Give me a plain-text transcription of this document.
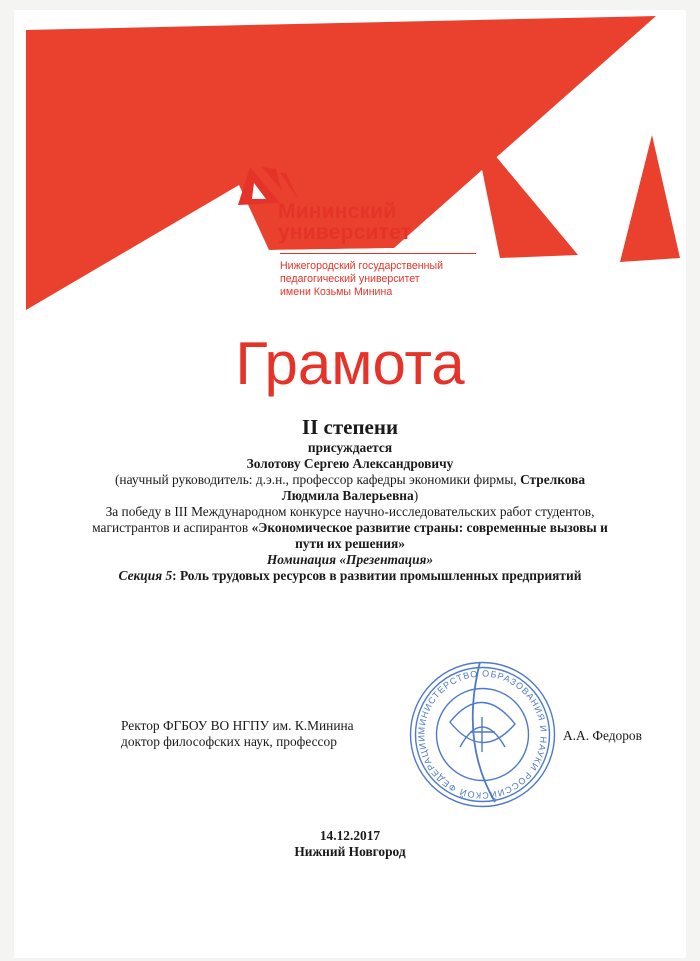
Мининский
университет
Нижегородский государственный
педагогический университет
имени Козьмы Минина
Грамота
II степени
присуждается
Золотову Сергею Александровичу
(научный руководитель: д.э.н., профессор кафедры экономики фирмы, Стрелкова
Людмила Валерьевна)
За победу в III Международном конкурсе научно-исследовательских работ студентов, магистрантов и аспирантов «Экономическое развитие страны: современные вызовы и пути их решения»
Номинация «Презентация»
Секция 5: Роль трудовых ресурсов в развитии промышленных предприятий
Ректор ФГБОУ ВО НГПУ им. К.Минина
доктор философских наук, профессор
МИНИСТЕРСТВО ОБРАЗОВАНИЯ И НАУКИ РОССИЙСКОЙ ФЕДЕРАЦИИ	А.А. Федоров
14.12.2017
Нижний Новгород
